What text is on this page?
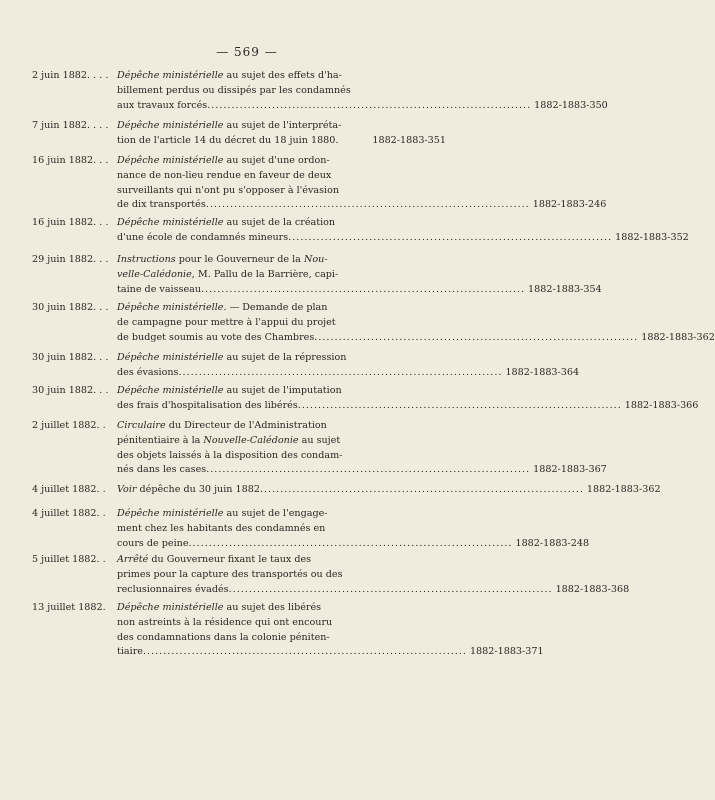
— 569 —
2 juin 1882. . . . Dépêche ministérielle au sujet des effets d'ha-
billement perdus ou dissipés par les condamnés
aux travaux forcés ................................................................................ 1882-1883-350
7 juin 1882. . . . Dépêche ministérielle au sujet de l'interpréta-
tion de l'article 14 du décret du 18 juin 1880.	1882-1883-351
16 juin 1882. . . Dépêche ministérielle au sujet d'une ordon-
nance de non-lieu rendue en faveur de deux
surveillants qui n'ont pu s'opposer à l'évasion
de dix transportés ................................................................................ 1882-1883-246
16 juin 1882. . . Dépêche ministérielle au sujet de la création
d'une école de condamnés mineurs ................................................................................ 1882-1883-352
29 juin 1882. . . Instructions pour le Gouverneur de la Nou-
velle-Calédonie, M. Pallu de la Barrière, capi-
taine de vaisseau ................................................................................ 1882-1883-354
30 juin 1882. . . Dépêche ministérielle. — Demande de plan
de campagne pour mettre à l'appui du projet
de budget soumis au vote des Chambres ................................................................................ 1882-1883-362
30 juin 1882. . . Dépêche ministérielle au sujet de la répression
des évasions ................................................................................ 1882-1883-364
30 juin 1882. . . Dépêche ministérielle au sujet de l'imputation
des frais d'hospitalisation des libérés ................................................................................ 1882-1883-366
2 juillet 1882. . Circulaire du Directeur de l'Administration
pénitentiaire à la Nouvelle-Calédonie au sujet
des objets laissés à la disposition des condam-
nés dans les cases ................................................................................ 1882-1883-367
4 juillet 1882. . Voir dépêche du 30 juin 1882 ................................................................................ 1882-1883-362
4 juillet 1882. . Dépêche ministérielle au sujet de l'engage-
ment chez les habitants des condamnés en
cours de peine ................................................................................ 1882-1883-248
5 juillet 1882. . Arrêté du Gouverneur fixant le taux des
primes pour la capture des transportés ou des
reclusionnaires évadés ................................................................................ 1882-1883-368
13 juillet 1882. Dépêche ministérielle au sujet des libérés
non astreints à la résidence qui ont encouru
des condamnations dans la colonie péniten-
tiaire ................................................................................ 1882-1883-371
